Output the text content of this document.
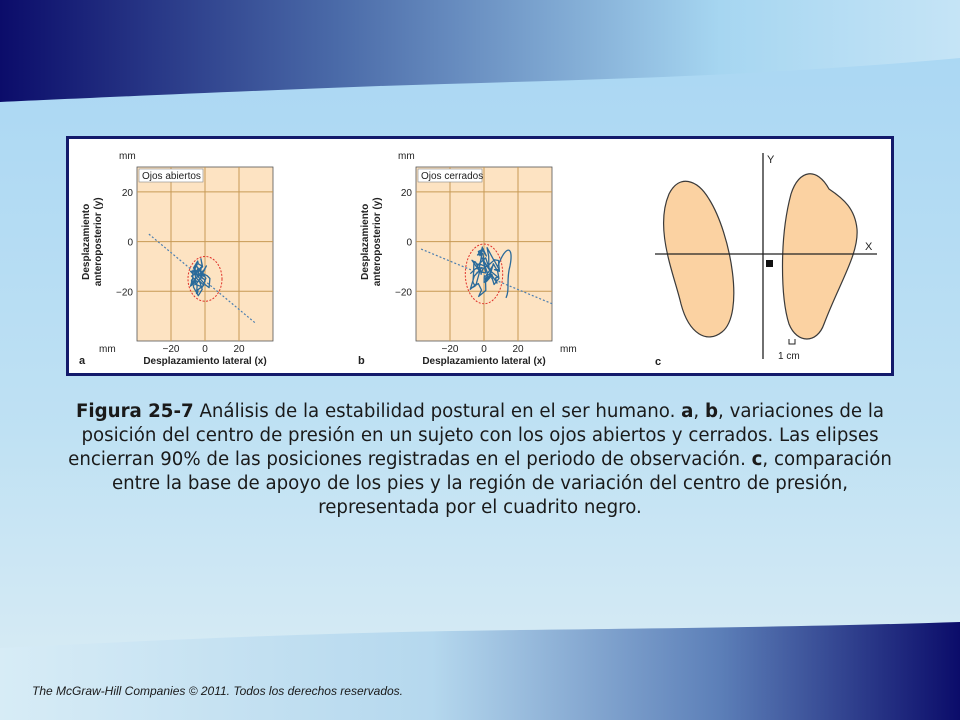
Ojos abiertos
−20 0	20
20
0
−20
mm
mm
Desplazamiento lateral (x)
Desplazamiento anteroposterior (y)
a
Ojos cerrados
−20 0	20
20
0
−20
mm
mm
Desplazamiento lateral (x)
Desplazamiento anteroposterior (y)
b
Y
X
1 cm
c
Figura 25-7 Análisis de la estabilidad postural en el ser humano. a, b, variaciones de la posición del centro de presión en un sujeto con los ojos abiertos y cerrados. Las elipses encierran 90% de las posiciones registradas en el periodo de observación. c, comparación entre la base de apoyo de los pies y la región de variación del centro de presión, representada por el cuadrito negro.
The McGraw-Hill Companies © 2011. Todos los derechos reservados.
